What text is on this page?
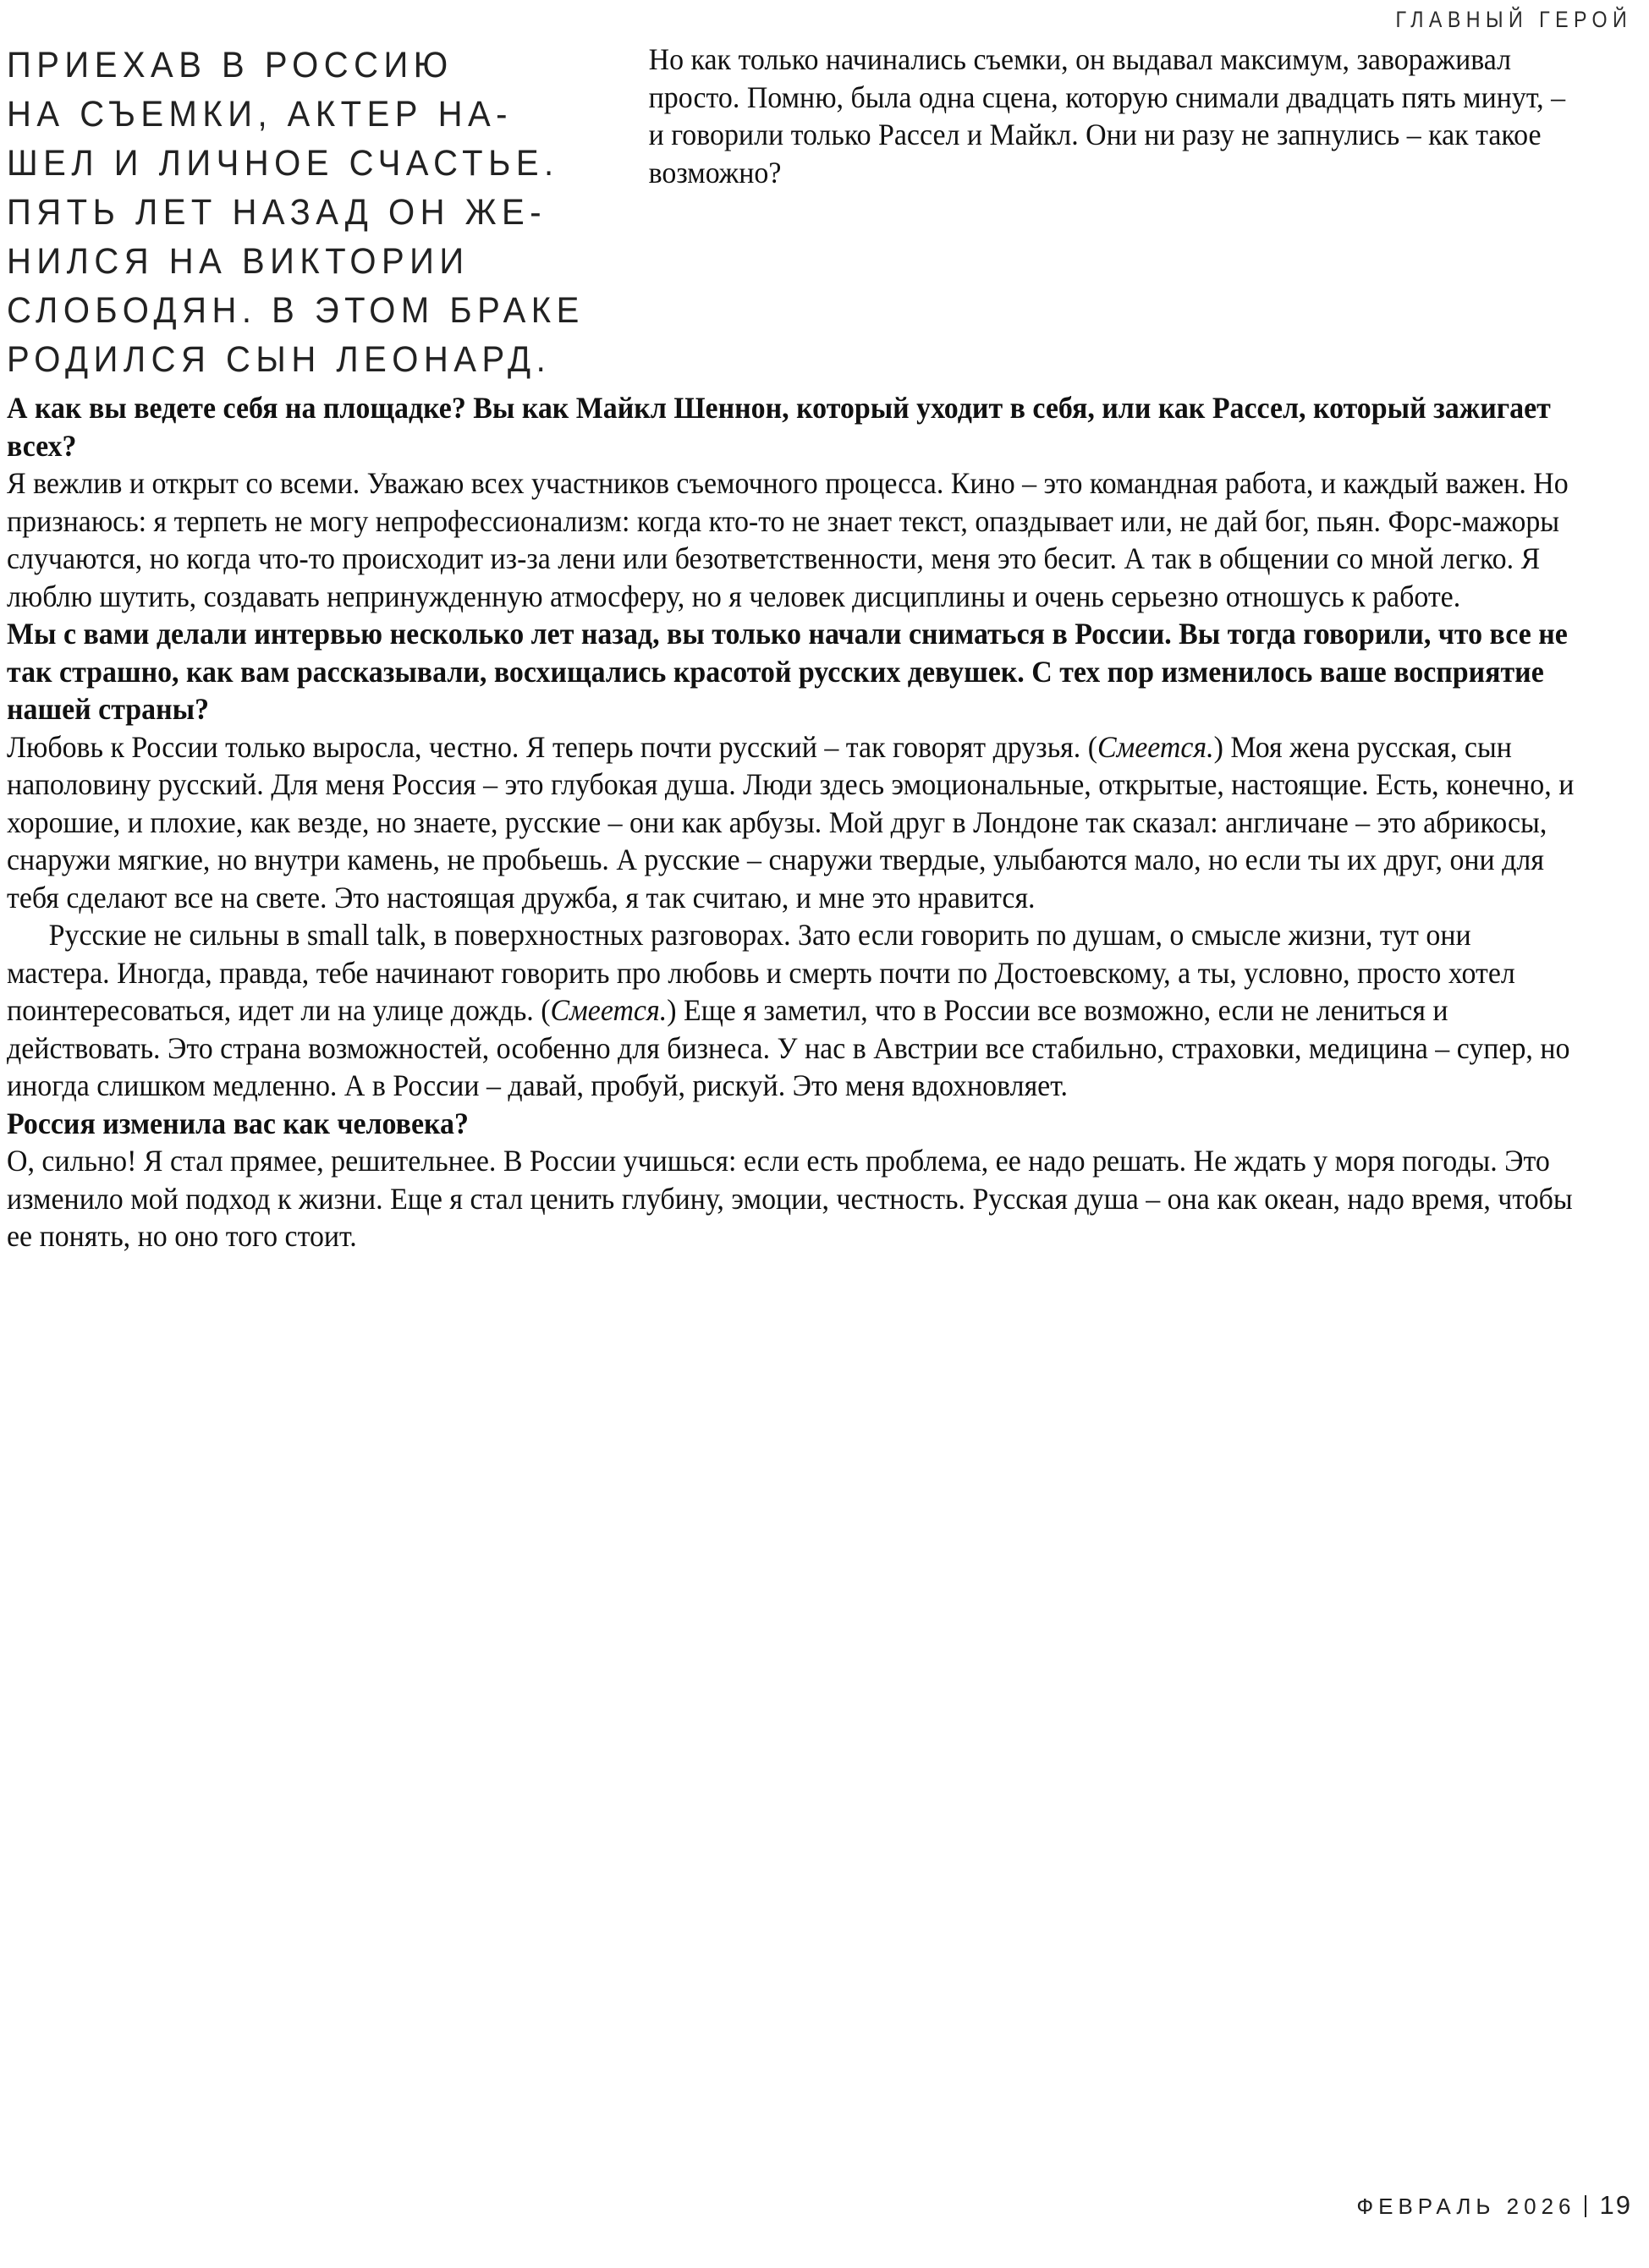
ГЛАВНЫЙ ГЕРОЙ
ПРИЕХАВ В РОССИЮ
НА СЪЕМКИ, АКТЕР НА-
ШЕЛ И ЛИЧНОЕ СЧАСТЬЕ.
ПЯТЬ ЛЕТ НАЗАД ОН ЖЕ-
НИЛСЯ НА ВИКТОРИИ
СЛОБОДЯН. В ЭТОМ БРАКЕ
РОДИЛСЯ СЫН ЛЕОНАРД.

Но как только начинались съемки, он выдавал максимум, завораживал просто. Помню, была одна сцена, которую снимали двадцать пять минут, – и говорили только Рассел и Майкл. Они ни разу не запнулись – как такое возможно?

А как вы ведете себя на площадке? Вы как Майкл Шеннон, который уходит в себя, или как Рассел, который зажигает всех?

Я вежлив и открыт со всеми. Уважаю всех участников съемочного процесса. Кино – это командная работа, и каждый важен. Но признаюсь: я терпеть не могу непрофессионализм: когда кто-то не знает текст, опаздывает или, не дай бог, пьян. Форс-мажоры случаются, но когда что-то происходит из-за лени или безответственности, меня это бесит. А так в общении со мной легко. Я люблю шутить, создавать непринужденную атмосферу, но я человек дисциплины и очень серьезно отношусь к работе.

Мы с вами делали интервью несколько лет назад, вы только начали сниматься в России. Вы тогда говорили, что все не так страшно, как вам рассказывали, восхищались красотой русских девушек. С тех пор изменилось ваше восприятие нашей страны?

Любовь к России только выросла, честно. Я теперь почти русский – так говорят друзья. (Смеется.) Моя жена русская, сын наполовину русский. Для меня Россия – это глубокая душа. Люди здесь эмоциональные, открытые, настоящие. Есть, конечно, и хорошие, и плохие, как везде, но знаете, русские – они как арбузы. Мой друг в Лондоне так сказал: англичане – это абрикосы, снаружи мягкие, но внутри камень, не пробьешь. А русские – снаружи твердые, улыбаются мало, но если ты их друг, они для тебя сделают все на свете. Это настоящая дружба, я так считаю, и мне это нравится.

Русские не сильны в small talk, в поверхностных разговорах. Зато если говорить по душам, о смысле жизни, тут они мастера. Иногда, правда, тебе начинают говорить про любовь и смерть почти по Достоевскому, а ты, условно, просто хотел поинтересоваться, идет ли на улице дождь. (Смеется.) Еще я заметил, что в России все возможно, если не лениться и действовать. Это страна возможностей, особенно для бизнеса. У нас в Австрии все стабильно, страховки, медицина – супер, но иногда слишком медленно. А в России – давай, пробуй, рискуй. Это меня вдохновляет.

Россия изменила вас как человека?

О, сильно! Я стал прямее, решительнее. В России учишься: если есть проблема, ее надо решать. Не ждать у моря погоды. Это изменило мой подход к жизни. Еще я стал ценить глубину, эмоции, честность. Русская душа – она как океан, надо время, чтобы ее понять, но оно того стоит.

ФЕВРАЛЬ 2026 19
